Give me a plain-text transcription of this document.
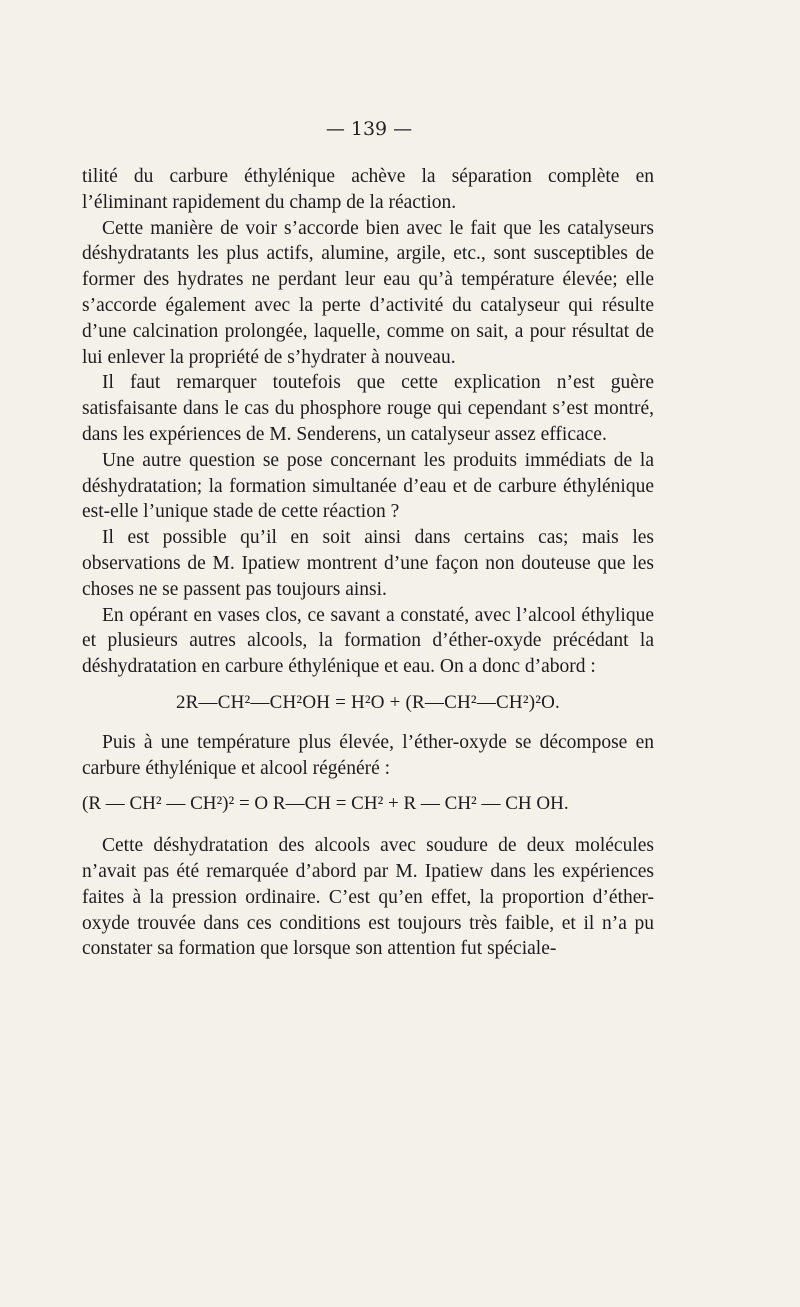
— 139 —

tilité du carbure éthylénique achève la séparation complète en l’éliminant rapidement du champ de la réaction.

Cette manière de voir s’accorde bien avec le fait que les catalyseurs déshydratants les plus actifs, alumine, argile, etc., sont susceptibles de former des hydrates ne perdant leur eau qu’à température élevée; elle s’accorde également avec la perte d’activité du catalyseur qui résulte d’une calcination prolongée, laquelle, comme on sait, a pour résultat de lui enlever la propriété de s’hydrater à nouveau.

Il faut remarquer toutefois que cette explication n’est guère satisfaisante dans le cas du phosphore rouge qui cependant s’est montré, dans les expériences de M. Senderens, un catalyseur assez efficace.

Une autre question se pose concernant les produits immédiats de la déshydratation; la formation simultanée d’eau et de carbure éthylénique est-elle l’unique stade de cette réaction ?

Il est possible qu’il en soit ainsi dans certains cas; mais les observations de M. Ipatiew montrent d’une façon non douteuse que les choses ne se passent pas toujours ainsi.

En opérant en vases clos, ce savant a constaté, avec l’alcool éthylique et plusieurs autres alcools, la formation d’éther-oxyde précédant la déshydratation en carbure éthylénique et eau. On a donc d’abord :

2R—CH²—CH²OH = H²O + (R—CH²—CH²)²O.

Puis à une température plus élevée, l’éther-oxyde se décompose en carbure éthylénique et alcool régénéré :

(R — CH² — CH²)² = O R—CH = CH² + R — CH² — CH OH.

Cette déshydratation des alcools avec soudure de deux molécules n’avait pas été remarquée d’abord par M. Ipatiew dans les expériences faites à la pression ordinaire. C’est qu’en effet, la proportion d’éther-oxyde trouvée dans ces conditions est toujours très faible, et il n’a pu constater sa formation que lorsque son attention fut spéciale-
